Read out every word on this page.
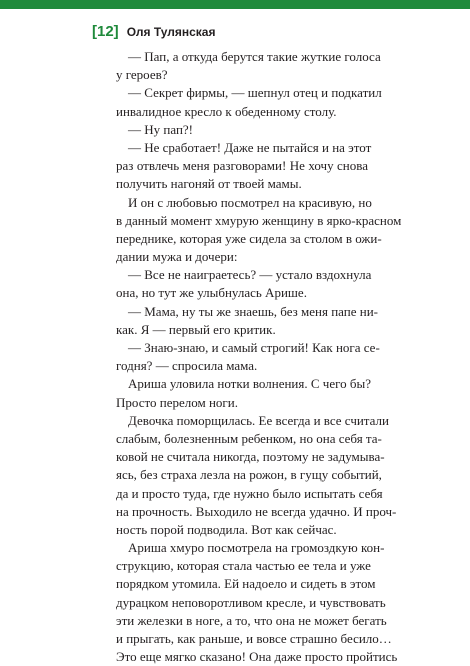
[12] Оля Тулянская
— Пап, а откуда берутся такие жуткие голоса
у героев?
— Секрет фирмы, — шепнул отец и подкатил
инвалидное кресло к обеденному столу.
— Ну пап?!
— Не сработает! Даже не пытайся и на этот
раз отвлечь меня разговорами! Не хочу снова
получить нагоняй от твоей мамы.
И он с любовью посмотрел на красивую, но
в данный момент хмурую женщину в ярко-красном
переднике, которая уже сидела за столом в ожи-
дании мужа и дочери:
— Все не наиграетесь? — устало вздохнула
она, но тут же улыбнулась Арише.
— Мама, ну ты же знаешь, без меня папе ни-
как. Я — первый его критик.
— Знаю-знаю, и самый строгий! Как нога се-
годня? — спросила мама.
Ариша уловила нотки волнения. С чего бы?
Просто перелом ноги.
Девочка поморщилась. Ее всегда и все считали
слабым, болезненным ребенком, но она себя та-
ковой не считала никогда, поэтому не задумыва-
ясь, без страха лезла на рожон, в гущу событий,
да и просто туда, где нужно было испытать себя
на прочность. Выходило не всегда удачно. И проч-
ность порой подводила. Вот как сейчас.
Ариша хмуро посмотрела на громоздкую кон-
струкцию, которая стала частью ее тела и уже
порядком утомила. Ей надоело и сидеть в этом
дурацком неповоротливом кресле, и чувствовать
эти железки в ноге, а то, что она не может бегать
и прыгать, как раньше, и вовсе страшно бесило…
Это еще мягко сказано! Она даже просто пройтись
